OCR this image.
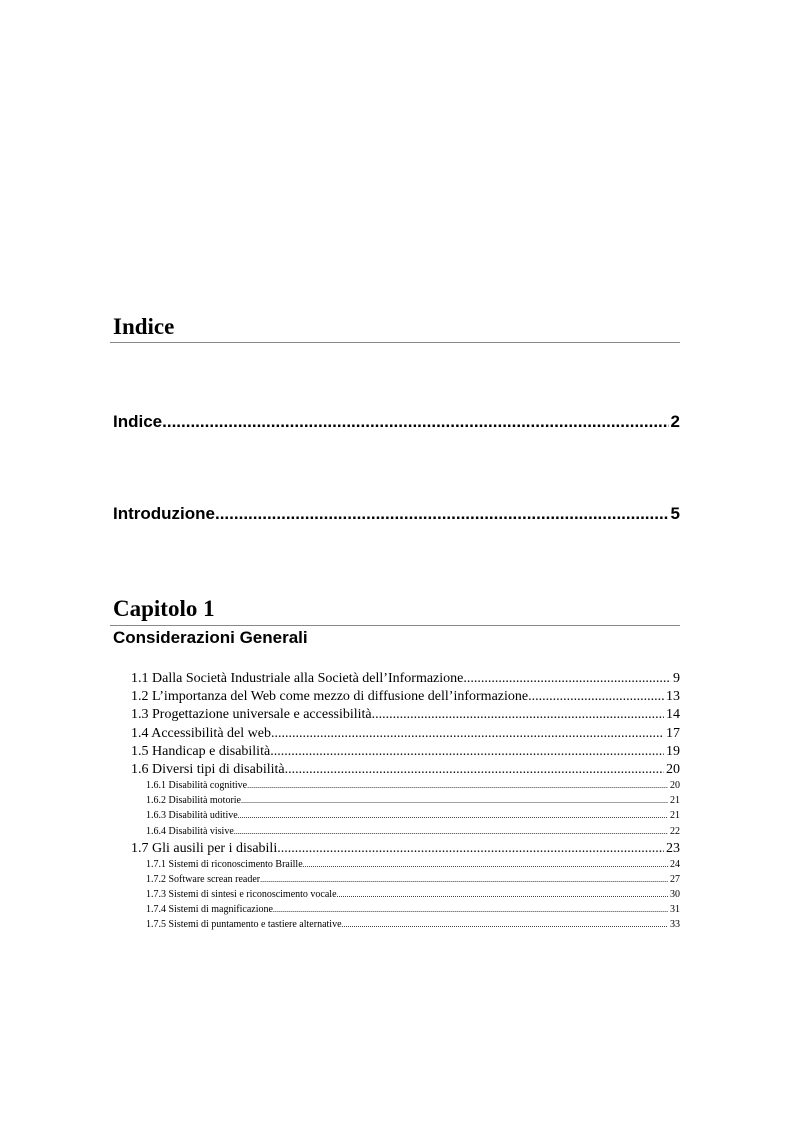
Indice
Indice .....	2
Introduzione .....	5
Capitolo 1
Considerazioni Generali
1.1 Dalla Società Industriale alla Società dell’Informazione .....	9
1.2 L’importanza del Web come mezzo di diffusione dell’informazione .....	13
1.3 Progettazione universale e accessibilità .....	14
1.4 Accessibilità del web .....	17
1.5 Handicap e disabilità .....	19
1.6 Diversi tipi di disabilità .....	20
1.6.1 Disabilità cognitive .....	20
1.6.2 Disabilità motorie .....	21
1.6.3 Disabilità uditive .....	21
1.6.4 Disabilità visive .....	22
1.7 Gli ausili per i disabili .....	23
1.7.1 Sistemi di riconoscimento Braille .....	24
1.7.2 Software screan reader .....	27
1.7.3 Sistemi di sintesi e riconoscimento vocale .....	30
1.7.4 Sistemi di magnificazione .....	31
1.7.5 Sistemi di puntamento e tastiere alternative .....	33
